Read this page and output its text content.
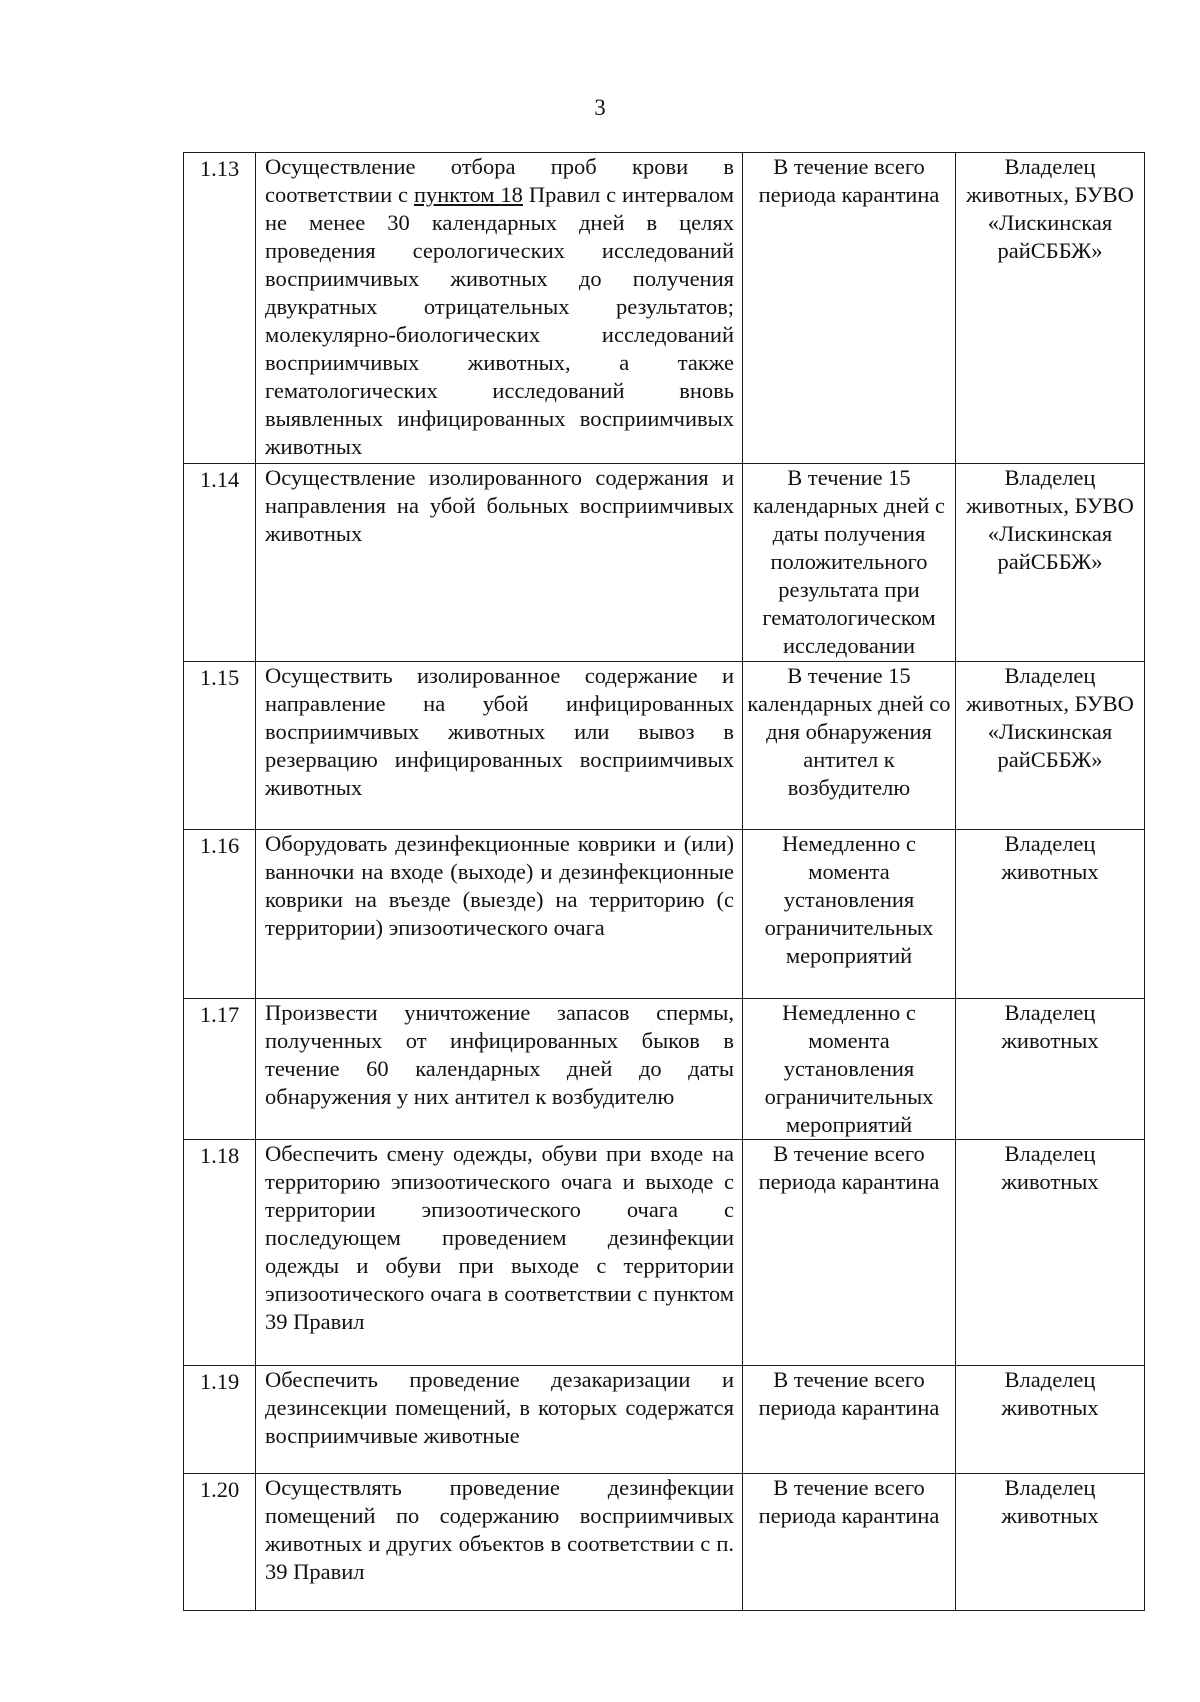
3
1.13	Осуществление отбора проб крови в соответствии с пунктом 18 Правил с интервалом не менее 30 календарных дней в целях проведения серологических исследований восприимчивых животных до получения двукратных отрицательных результатов; молекулярно-биологических исследований восприимчивых животных, а также гематологических исследований вновь выявленных инфицированных восприимчивых животных	В течение всего периода карантина	Владелец животных, БУВО «Лискинская райСББЖ»
1.14	Осуществление изолированного содержания и направления на убой больных восприимчивых животных	В течение 15 календарных дней с даты получения положительного результата при гематологическом исследовании	Владелец животных, БУВО «Лискинская райСББЖ»
1.15	Осуществить изолированное содержание и направление на убой инфицированных восприимчивых животных или вывоз в резервацию инфицированных восприимчивых животных	В течение 15 календарных дней со дня обнаружения антител к возбудителю	Владелец животных, БУВО «Лискинская райСББЖ»
1.16	Оборудовать дезинфекционные коврики и (или) ванночки на входе (выходе) и дезинфекционные коврики на въезде (выезде) на территорию (с территории) эпизоотического очага	Немедленно с момента установления ограничительных мероприятий	Владелец животных
1.17	Произвести уничтожение запасов спермы, полученных от инфицированных быков в течение 60 календарных дней до даты обнаружения у них антител к возбудителю	Немедленно с момента установления ограничительных мероприятий	Владелец животных
1.18	Обеспечить смену одежды, обуви при входе на территорию эпизоотического очага и выходе с территории эпизоотического очага с последующем проведением дезинфекции одежды и обуви при выходе с территории эпизоотического очага в соответствии с пунктом 39 Правил	В течение всего периода карантина	Владелец животных
1.19	Обеспечить проведение дезакаризации и дезинсекции помещений, в которых содержатся восприимчивые животные	В течение всего периода карантина	Владелец животных
1.20	Осуществлять проведение дезинфекции помещений по содержанию восприимчивых животных и других объектов в соответствии с п. 39 Правил	В течение всего периода карантина	Владелец животных
